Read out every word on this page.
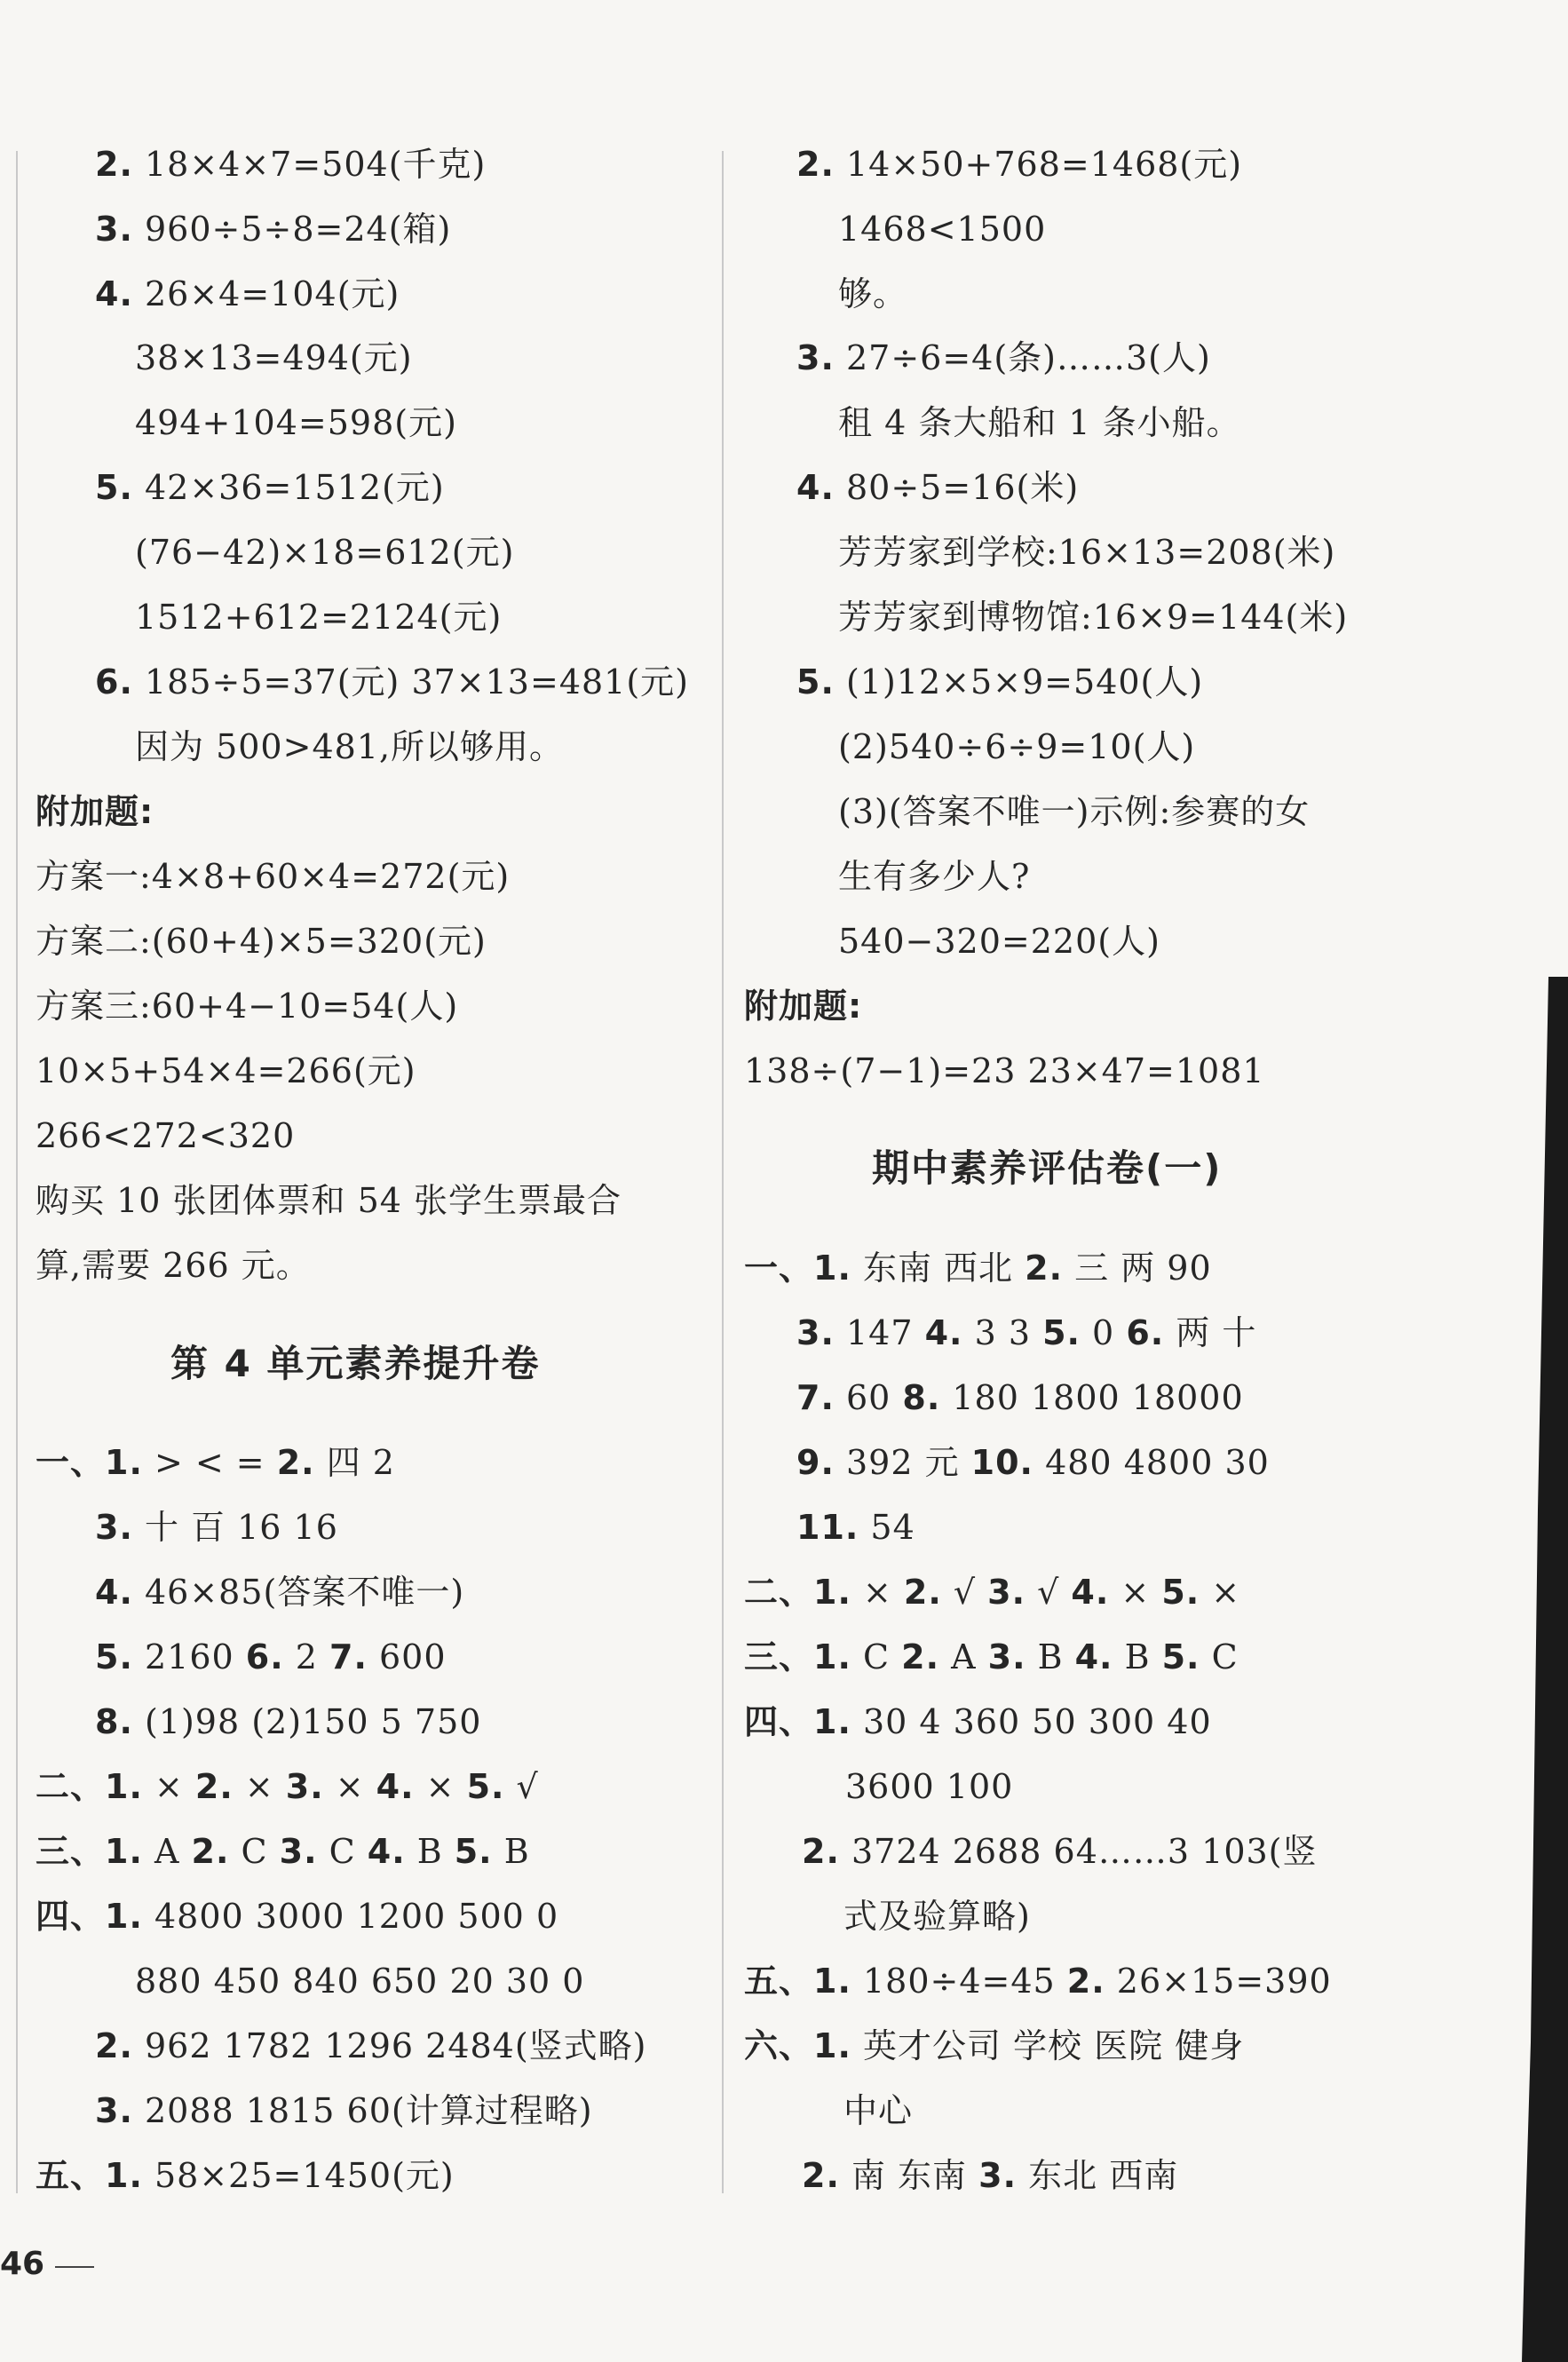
2. 18×4×7=504(千克)
3. 960÷5÷8=24(箱)
4. 26×4=104(元)
38×13=494(元)
494+104=598(元)
5. 42×36=1512(元)
(76−42)×18=612(元)
1512+612=2124(元)
6. 185÷5=37(元) 37×13=481(元)
因为 500>481,所以够用。
附加题:
方案一:4×8+60×4=272(元)
方案二:(60+4)×5=320(元)
方案三:60+4−10=54(人)
10×5+54×4=266(元)
266<272<320
购买 10 张团体票和 54 张学生票最合
算,需要 266 元。
第 4 单元素养提升卷
一、1. > < = 2. 四 2
3. 十 百 16 16
4. 46×85(答案不唯一)
5. 2160 6. 2 7. 600
8. (1)98 (2)150 5 750
二、1. × 2. × 3. × 4. × 5. √
三、1. A 2. C 3. C 4. B 5. B
四、1. 4800 3000 1200 500 0
880 450 840 650 20 30 0
2. 962 1782 1296 2484(竖式略)
3. 2088 1815 60(计算过程略)
五、1. 58×25=1450(元)
2. 14×50+768=1468(元)
1468<1500
够。
3. 27÷6=4(条)……3(人)
租 4 条大船和 1 条小船。
4. 80÷5=16(米)
芳芳家到学校:16×13=208(米)
芳芳家到博物馆:16×9=144(米)
5. (1)12×5×9=540(人)
(2)540÷6÷9=10(人)
(3)(答案不唯一)示例:参赛的女
生有多少人?
540−320=220(人)
附加题:
138÷(7−1)=23 23×47=1081
期中素养评估卷(一)
一、1. 东南 西北 2. 三 两 90
3. 147 4. 3 3 5. 0 6. 两 十
7. 60 8. 180 1800 18000
9. 392 元 10. 480 4800 30
11. 54
二、1. × 2. √ 3. √ 4. × 5. ×
三、1. C 2. A 3. B 4. B 5. C
四、1. 30 4 360 50 300 40
3600 100
2. 3724 2688 64……3 103(竖
式及验算略)
五、1. 180÷4=45 2. 26×15=390
六、1. 英才公司 学校 医院 健身
中心
2. 南 东南 3. 东北 西南
46
